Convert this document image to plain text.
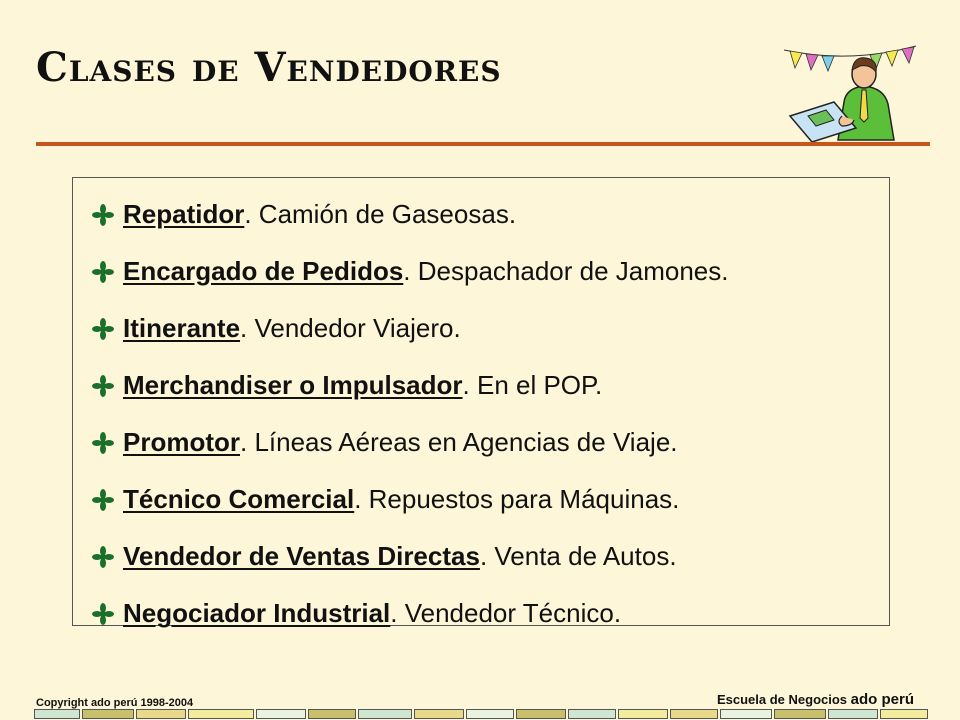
Clases de Vendedores
Repatidor. Camión de Gaseosas.
Encargado de Pedidos. Despachador de Jamones.
Itinerante. Vendedor Viajero.
Merchandiser o Impulsador. En el POP.
Promotor. Líneas Aéreas en Agencias de Viaje.
Técnico Comercial. Repuestos para Máquinas.
Vendedor de Ventas Directas. Venta de Autos.
Negociador Industrial. Vendedor Técnico.
Copyright ado perú 1998-2004	Escuela de Negocios ado perú
